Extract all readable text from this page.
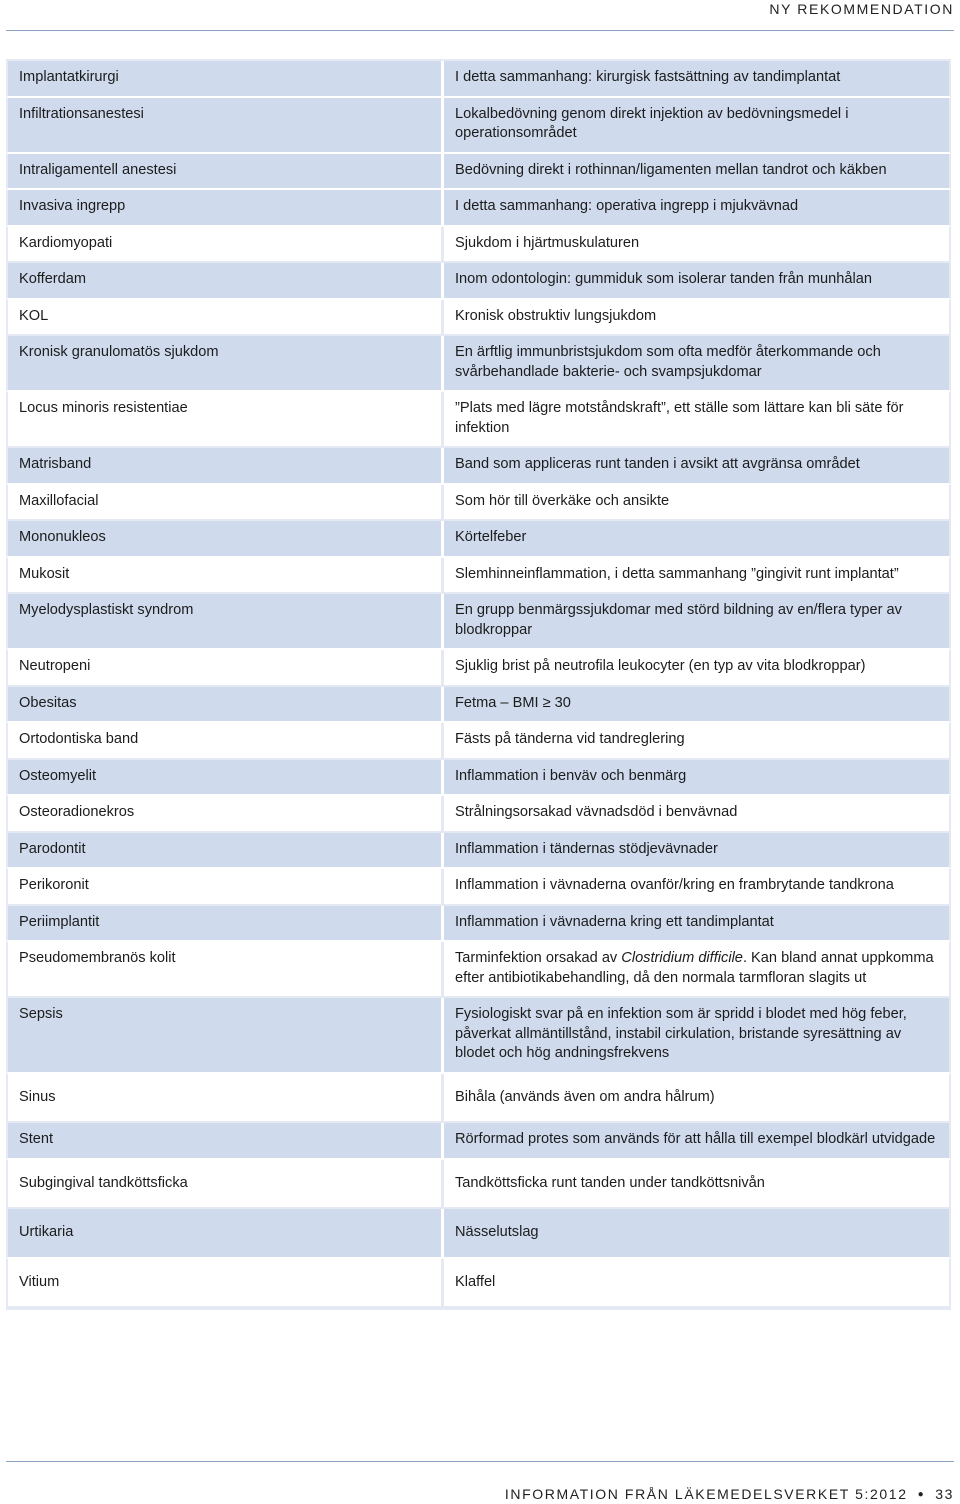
NY REKOMMENDATION
Implantatkirurgi	I detta sammanhang: kirurgisk fastsättning av tandimplantat
Infiltrationsanestesi	Lokalbedövning genom direkt injektion av bedövningsmedel i operationsområdet
Intraligamentell anestesi	Bedövning direkt i rothinnan/ligamenten mellan tandrot och käkben
Invasiva ingrepp	I detta sammanhang: operativa ingrepp i mjukvävnad
Kardiomyopati	Sjukdom i hjärtmuskulaturen
Kofferdam	Inom odontologin: gummiduk som isolerar tanden från munhålan
KOL	Kronisk obstruktiv lungsjukdom
Kronisk granulomatös sjukdom	En ärftlig immunbristsjukdom som ofta medför återkommande och svårbehandlade bakterie- och svampsjukdomar
Locus minoris resistentiae	”Plats med lägre motståndskraft”, ett ställe som lättare kan bli säte för infektion
Matrisband	Band som appliceras runt tanden i avsikt att avgränsa området
Maxillofacial	Som hör till överkäke och ansikte
Mononukleos	Körtelfeber
Mukosit	Slemhinneinflammation, i detta sammanhang ”gingivit runt implantat”
Myelodysplastiskt syndrom	En grupp benmärgssjukdomar med störd bildning av en/flera typer av blodkroppar
Neutropeni	Sjuklig brist på neutrofila leukocyter (en typ av vita blodkroppar)
Obesitas	Fetma – BMI ≥ 30
Ortodontiska band	Fästs på tänderna vid tandreglering
Osteomyelit	Inflammation i benväv och benmärg
Osteoradionekros	Strålningsorsakad vävnadsdöd i benvävnad
Parodontit	Inflammation i tändernas stödjevävnader
Perikoronit	Inflammation i vävnaderna ovanför/kring en frambrytande tandkrona
Periimplantit	Inflammation i vävnaderna kring ett tandimplantat
Pseudomembranös kolit	Tarminfektion orsakad av Clostridium difficile. Kan bland annat uppkomma efter antibiotikabehandling, då den normala tarmfloran slagits ut
Sepsis	Fysiologiskt svar på en infektion som är spridd i blodet med hög feber, påverkat allmäntillstånd, instabil cirkulation, bristande syresättning av blodet och hög andningsfrekvens
Sinus	Bihåla (används även om andra hålrum)
Stent	Rörformad protes som används för att hålla till exempel blodkärl utvidgade
Subgingival tandköttsficka	Tandköttsficka runt tanden under tandköttsnivån
Urtikaria	Nässelutslag
Vitium	Klaffel
INFORMATION FRÅN LÄKEMEDELSVERKET 5:2012 ● 33
